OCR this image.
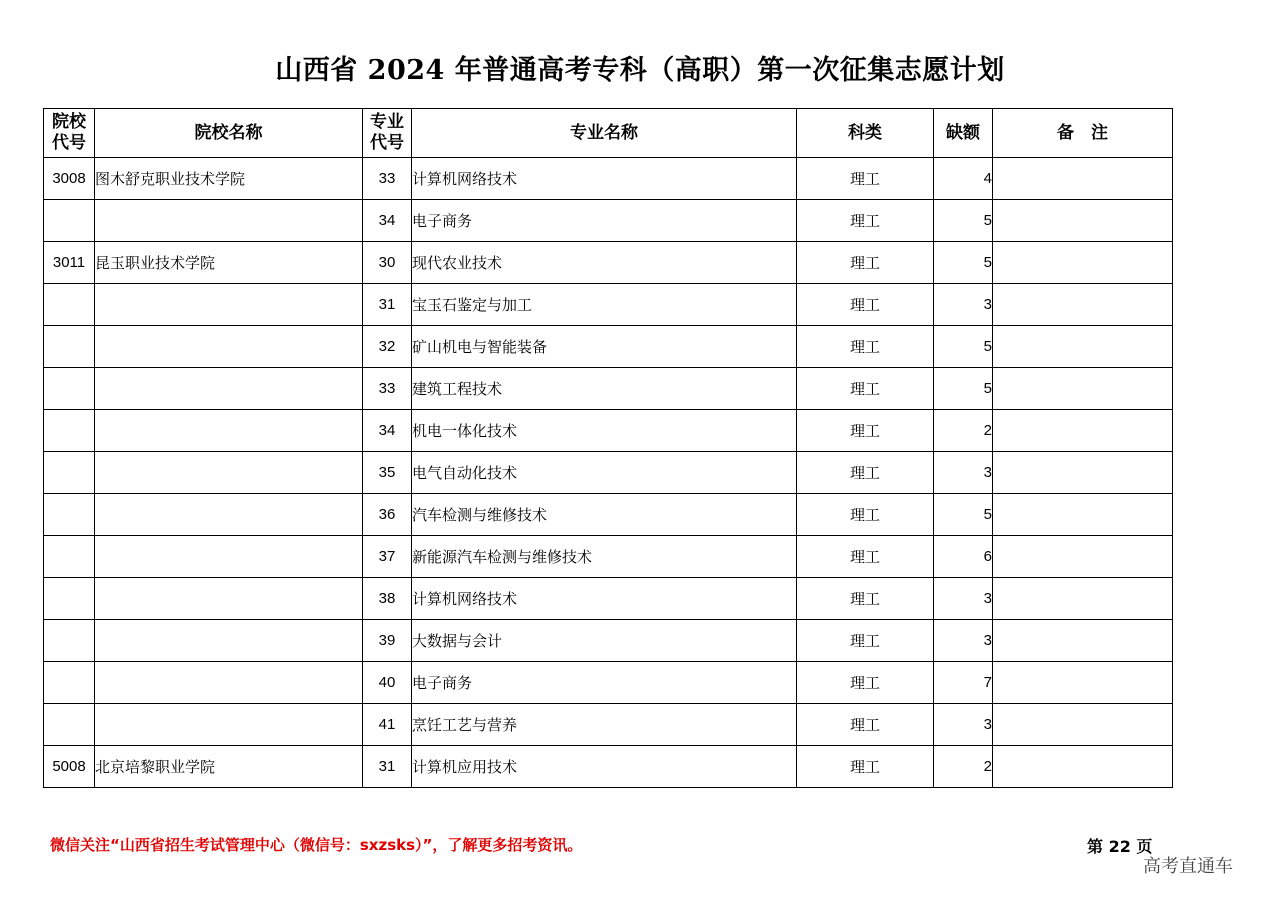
山西省 2024 年普通高考专科（高职）第一次征集志愿计划
院校代号	院校名称	专业代号	专业名称	科类	缺额	备　注
3008	图木舒克职业技术学院	33	计算机网络技术	理工	4	
		34	电子商务	理工	5	
3011	昆玉职业技术学院	30	现代农业技术	理工	5	
		31	宝玉石鉴定与加工	理工	3	
		32	矿山机电与智能装备	理工	5	
		33	建筑工程技术	理工	5	
		34	机电一体化技术	理工	2	
		35	电气自动化技术	理工	3	
		36	汽车检测与维修技术	理工	5	
		37	新能源汽车检测与维修技术	理工	6	
		38	计算机网络技术	理工	3	
		39	大数据与会计	理工	3	
		40	电子商务	理工	7	
		41	烹饪工艺与营养	理工	3	
5008	北京培黎职业学院	31	计算机应用技术	理工	2	
微信关注“山西省招生考试管理中心（微信号：sxzsks）”，了解更多招考资讯。	第 22 页
高考直通车
